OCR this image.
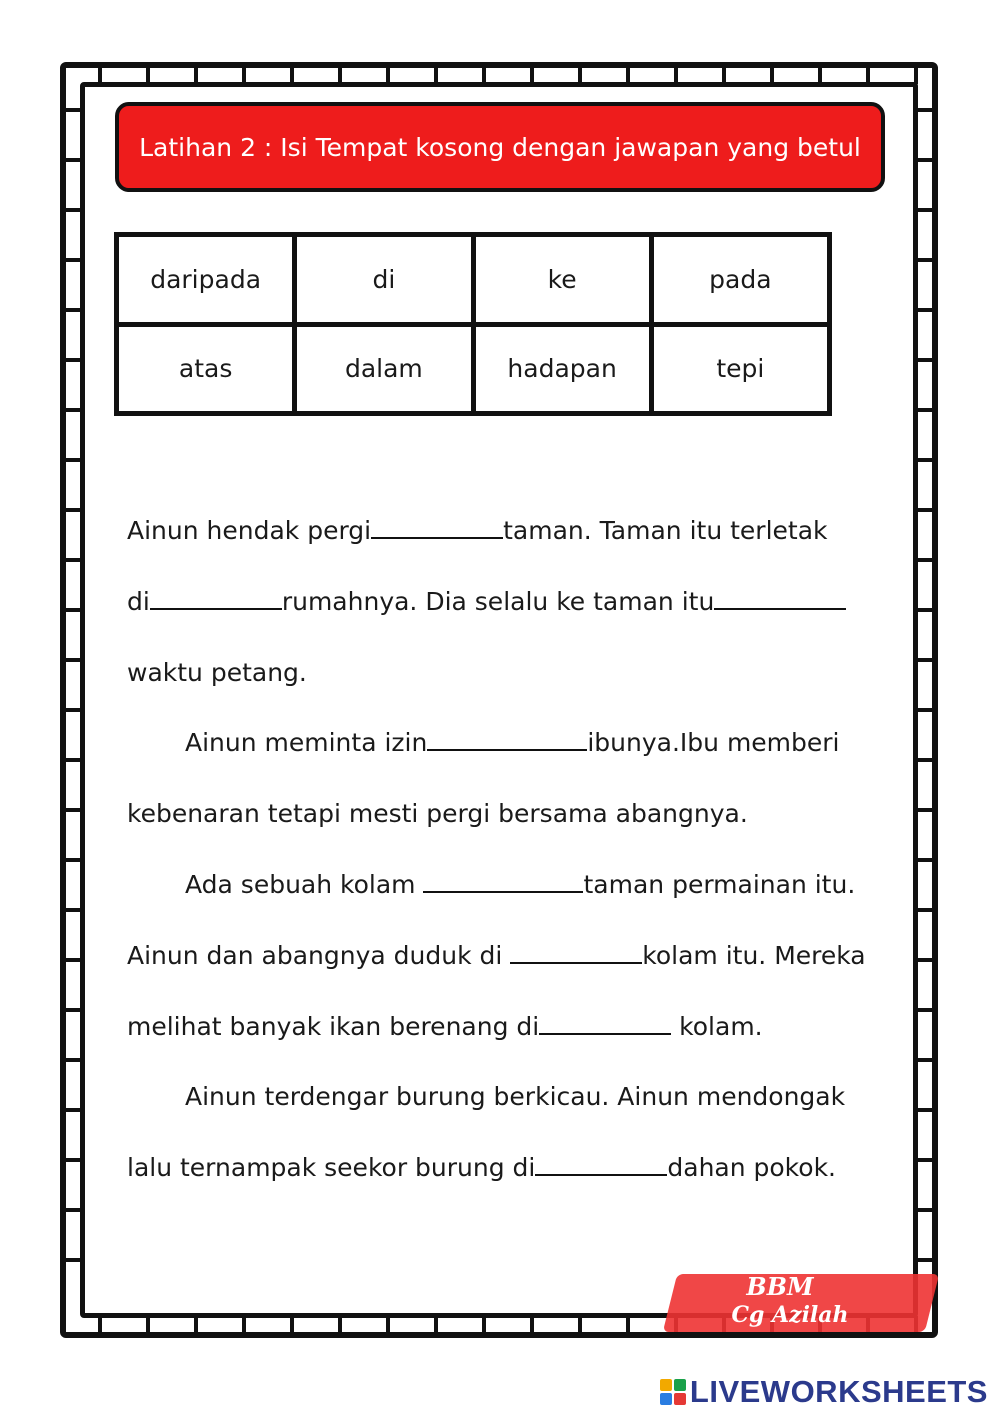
Latihan 2 : Isi Tempat kosong dengan jawapan yang betul
daripada	di	ke	pada
atas	dalam	hadapan	tepi
Ainun hendak pergi	taman. Taman itu terletak
di	rumahnya. Dia selalu ke taman itu
waktu petang.
Ainun meminta izin	ibunya.Ibu memberi
kebenaran tetapi mesti pergi bersama abangnya.
Ada sebuah kolam	taman permainan itu.
Ainun dan abangnya duduk di	kolam itu. Mereka
melihat banyak ikan berenang di	kolam.
Ainun terdengar burung berkicau. Ainun mendongak
lalu ternampak seekor burung di	dahan pokok.
BBM
Cg Azilah
LIVEWORKSHEETS
